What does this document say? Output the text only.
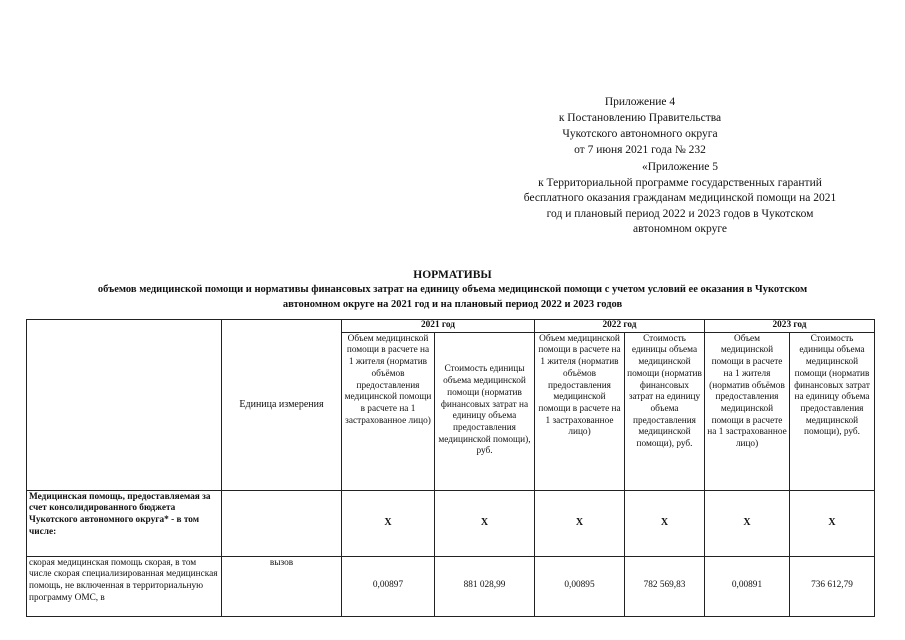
Приложение 4
к Постановлению Правительства
Чукотского автономного округа
от 7 июня 2021 года № 232
«Приложение 5
к Территориальной программе государственных гарантий
бесплатного оказания гражданам медицинской помощи на 2021
год и плановый период 2022 и 2023 годов в Чукотском
автономном округе
НОРМАТИВЫ
объемов медицинской помощи и нормативы финансовых затрат на единицу объема медицинской помощи с учетом условий ее оказания в Чукотском
автономном округе на 2021 год и на плановый период 2022 и 2023 годов
	Единица измерения	2021 год		2022 год		2023 год	
		Объем медицинской помощи в расчете на 1 жителя (норматив объёмов предоставления медицинской помощи в расчете на 1 застрахованное лицо)	Стоимость единицы объема медицинской помощи (норматив финансовых затрат на единицу объема предоставления медицинской помощи), руб.	Объем медицинской помощи в расчете на 1 жителя (норматив объёмов предоставления медицинской помощи в расчете на 1 застрахованное лицо)	Стоимость единицы объема медицинской помощи (норматив финансовых затрат на единицу объема предоставления медицинской помощи), руб.	Объем медицинской помощи в расчете на 1 жителя (норматив объёмов предоставления медицинской помощи в расчете на 1 застрахованное лицо)	Стоимость единицы объема медицинской помощи (норматив финансовых затрат на единицу объема предоставления медицинской помощи), руб.
Медицинская помощь, предоставляемая за счет консолидированного бюджета Чукотского автономного округа* - в том числе:		X	X	X	X	X	X
скорая медицинская помощь скорая, в том числе скорая специализированная медицинская помощь, не включенная в территориальную программу ОМС, в	вызов	0,00897	881 028,99	0,00895	782 569,83	0,00891	736 612,79
